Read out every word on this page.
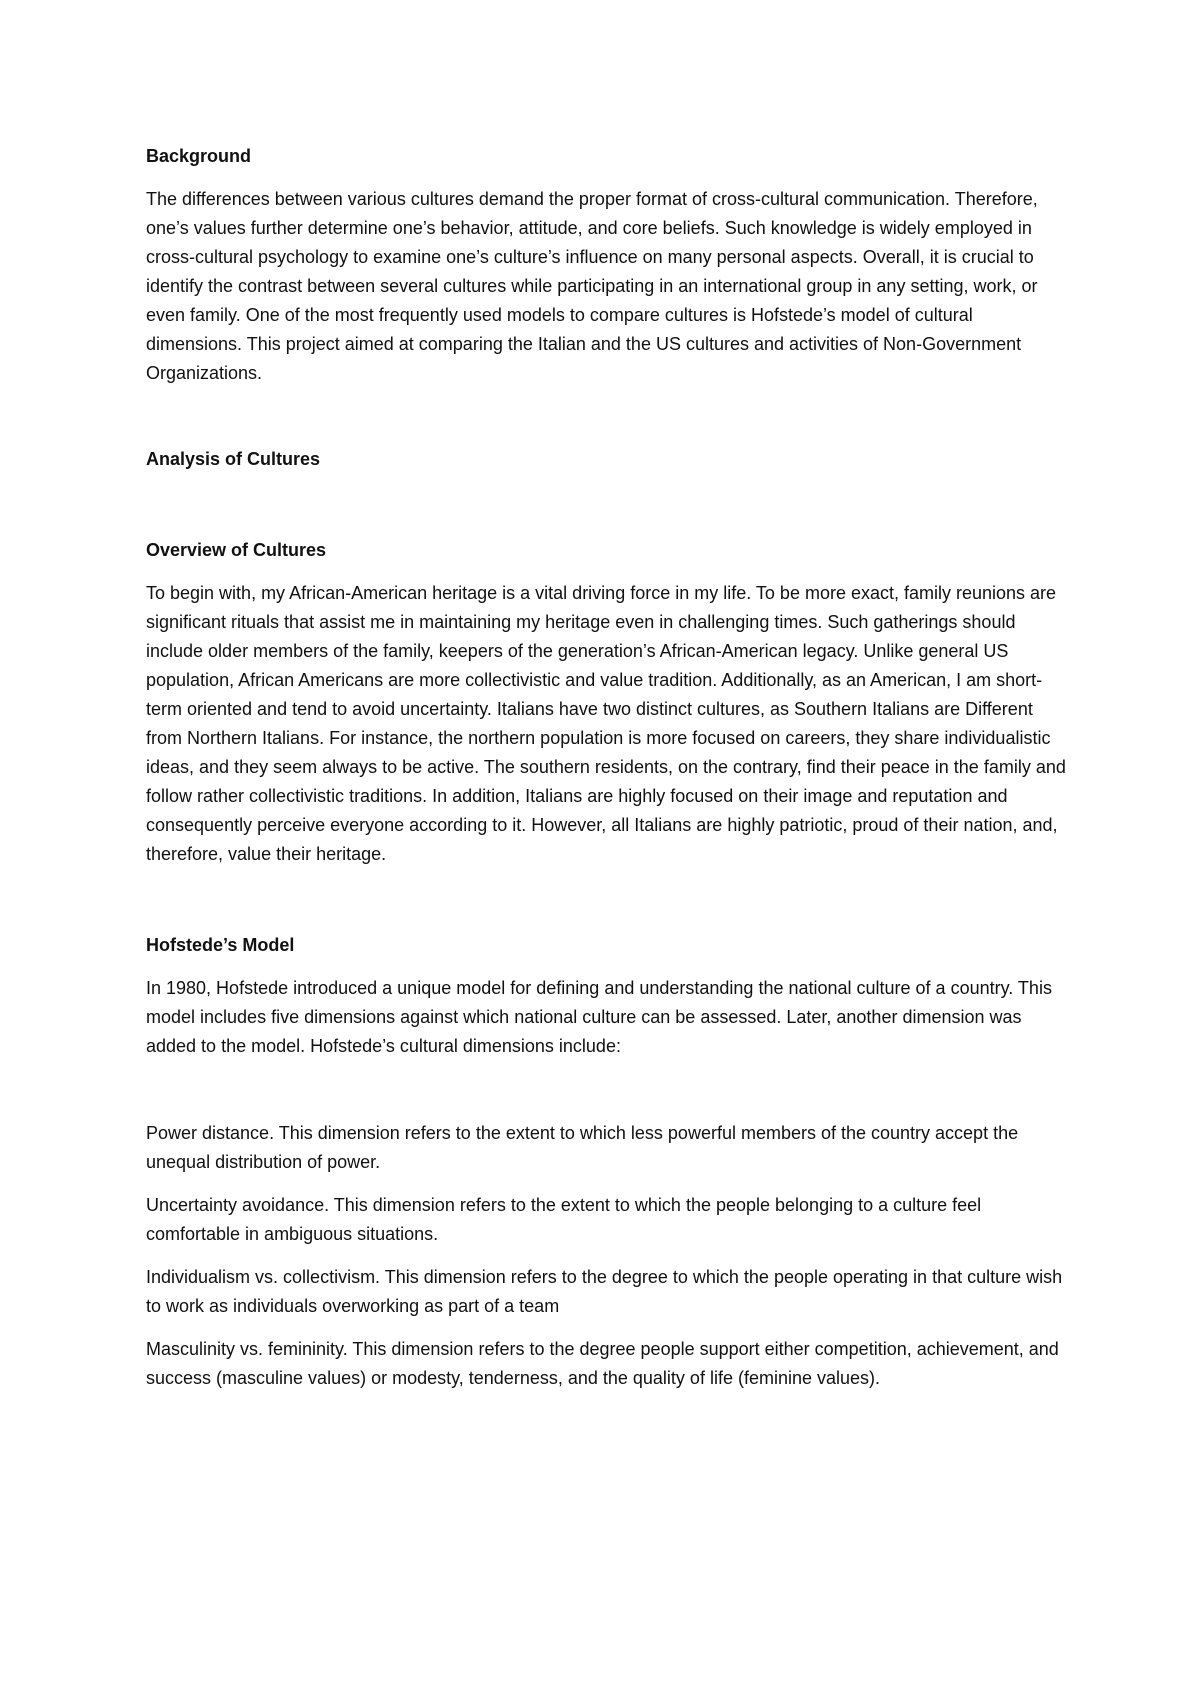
Background

The differences between various cultures demand the proper format of cross-cultural communication. Therefore, one’s values further determine one’s behavior, attitude, and core beliefs. Such knowledge is widely employed in cross-cultural psychology to examine one’s culture’s influence on many personal aspects. Overall, it is crucial to identify the contrast between several cultures while participating in an international group in any setting, work, or even family. One of the most frequently used models to compare cultures is Hofstede’s model of cultural dimensions. This project aimed at comparing the Italian and the US cultures and activities of Non-Government Organizations.

Analysis of Cultures

Overview of Cultures

To begin with, my African-American heritage is a vital driving force in my life. To be more exact, family reunions are significant rituals that assist me in maintaining my heritage even in challenging times. Such gatherings should include older members of the family, keepers of the generation’s African-American legacy. Unlike general US population, African Americans are more collectivistic and value tradition. Additionally, as an American, I am short-term oriented and tend to avoid uncertainty. Italians have two distinct cultures, as Southern Italians are Different from Northern Italians. For instance, the northern population is more focused on careers, they share individualistic ideas, and they seem always to be active. The southern residents, on the contrary, find their peace in the family and follow rather collectivistic traditions. In addition, Italians are highly focused on their image and reputation and consequently perceive everyone according to it. However, all Italians are highly patriotic, proud of their nation, and, therefore, value their heritage.

Hofstede’s Model

In 1980, Hofstede introduced a unique model for defining and understanding the national culture of a country. This model includes five dimensions against which national culture can be assessed. Later, another dimension was added to the model. Hofstede’s cultural dimensions include:

Power distance. This dimension refers to the extent to which less powerful members of the country accept the unequal distribution of power.

Uncertainty avoidance. This dimension refers to the extent to which the people belonging to a culture feel comfortable in ambiguous situations.

Individualism vs. collectivism. This dimension refers to the degree to which the people operating in that culture wish to work as individuals overworking as part of a team

Masculinity vs. femininity. This dimension refers to the degree people support either competition, achievement, and success (masculine values) or modesty, tenderness, and the quality of life (feminine values).
